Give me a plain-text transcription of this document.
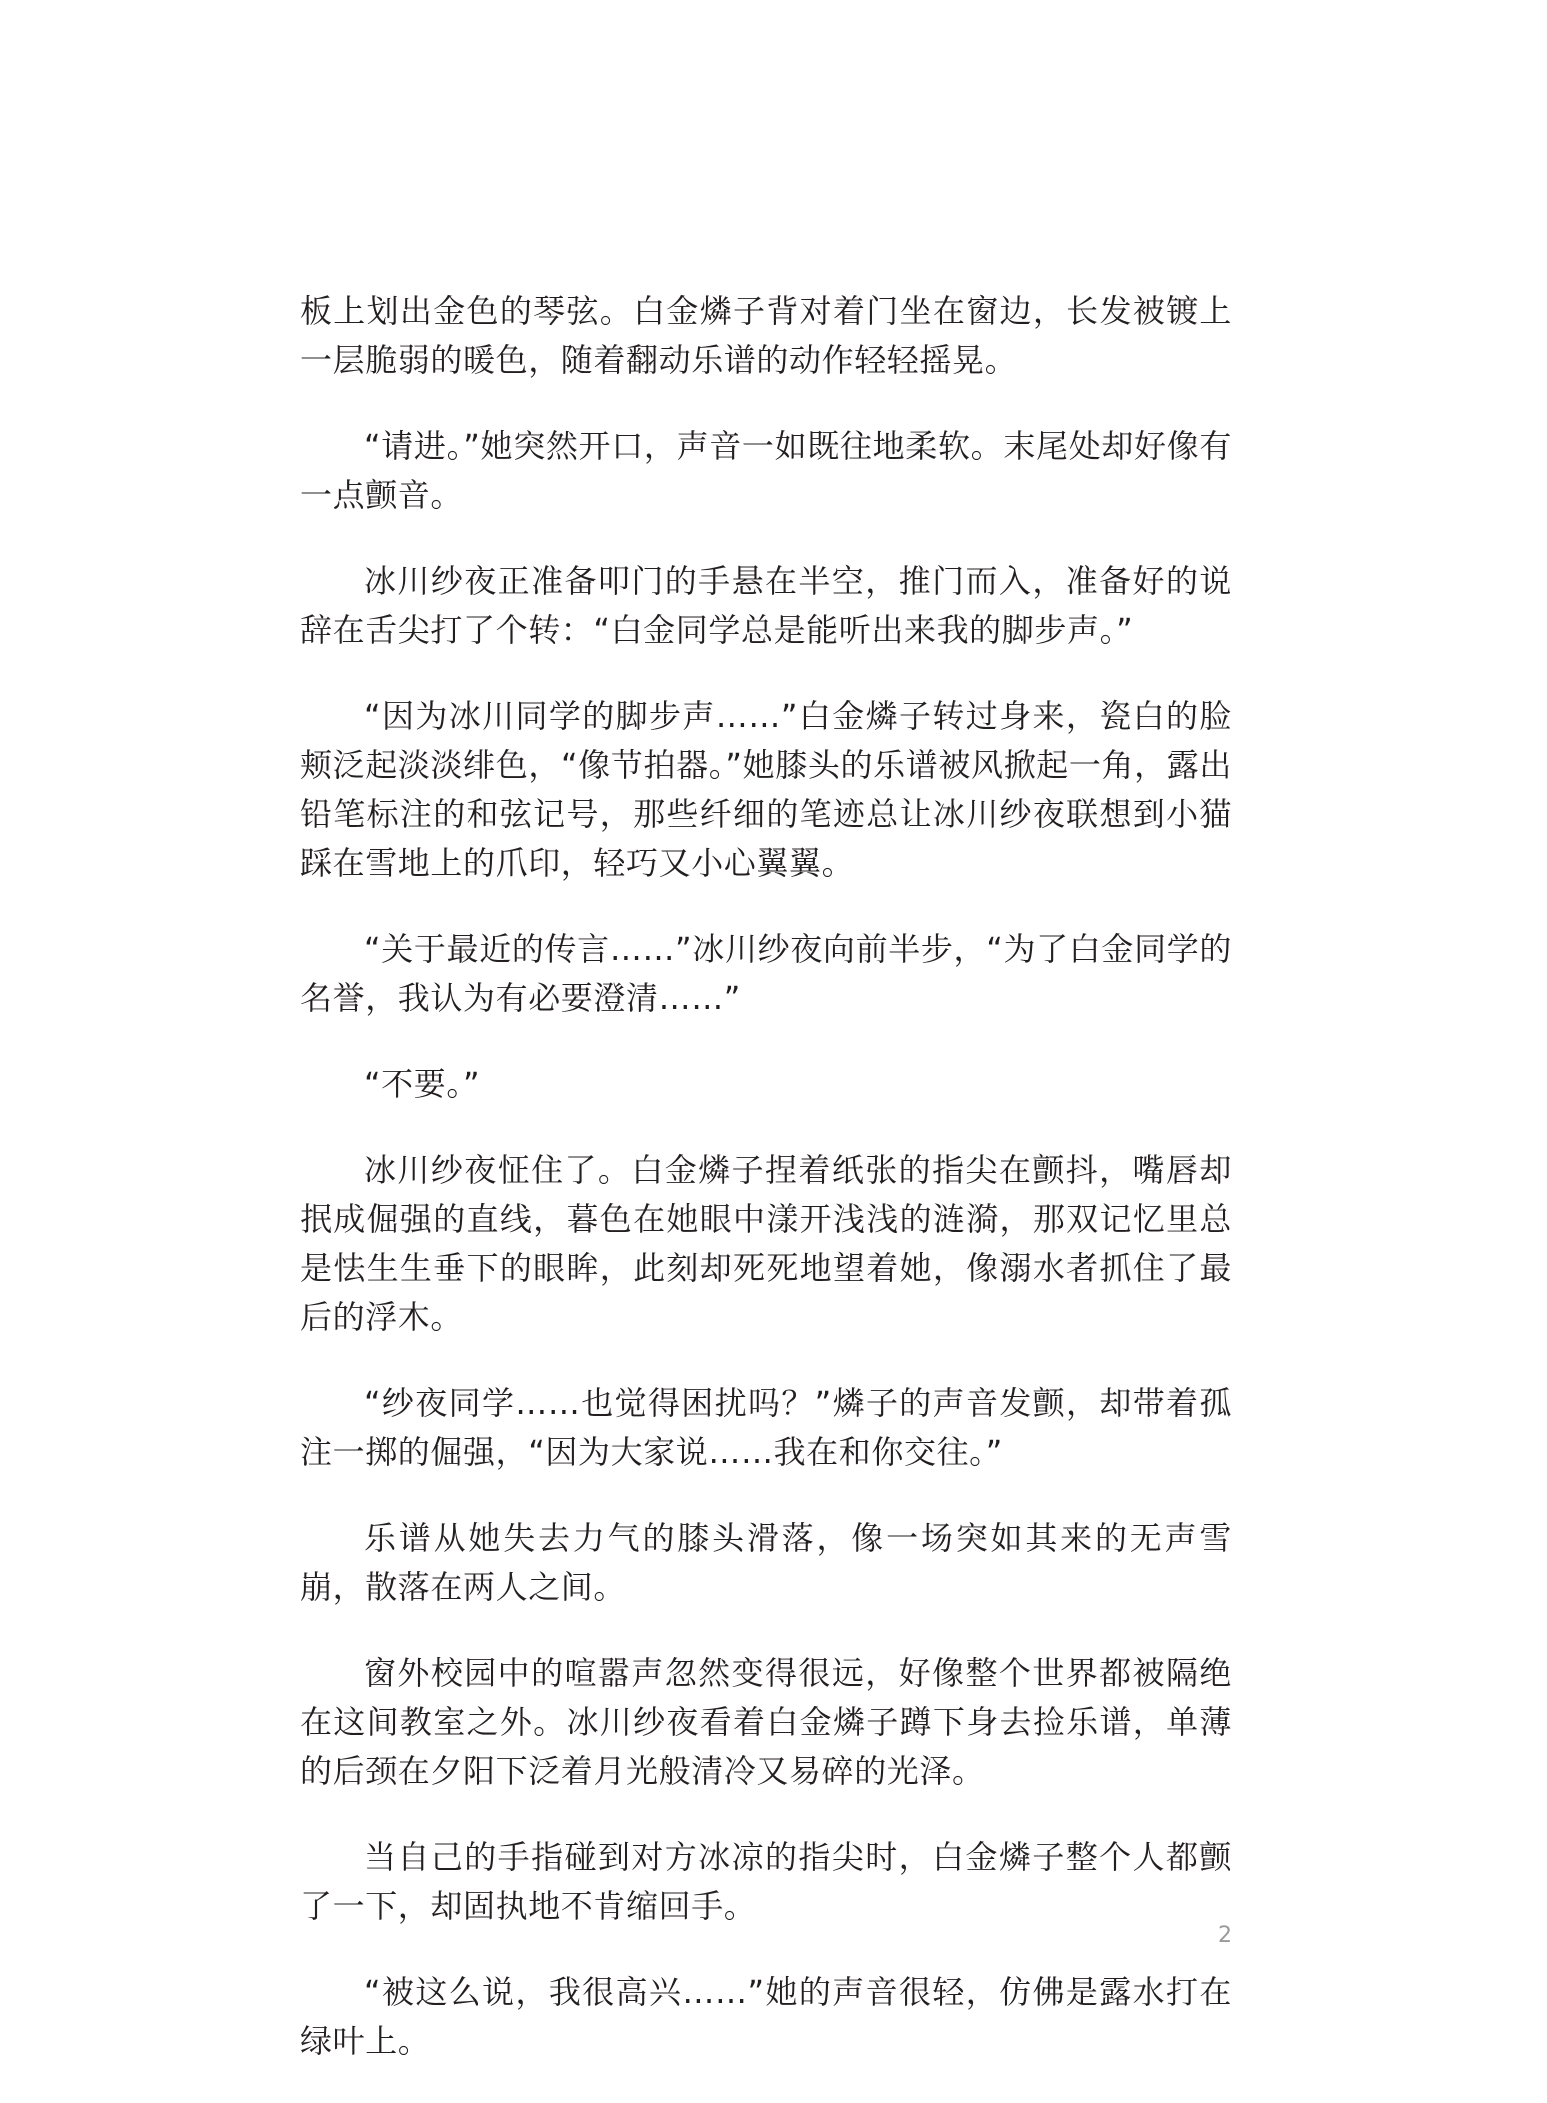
板上划出金色的琴弦。白金燐子背对着门坐在窗边，长发被镀上一层脆弱的暖色，随着翻动乐谱的动作轻轻摇晃。

“请进。”她突然开口，声音一如既往地柔软。末尾处却好像有一点颤音。

冰川纱夜正准备叩门的手悬在半空，推门而入，准备好的说辞在舌尖打了个转：“白金同学总是能听出来我的脚步声。”

“因为冰川同学的脚步声……”白金燐子转过身来，瓷白的脸颊泛起淡淡绯色，“像节拍器。”她膝头的乐谱被风掀起一角，露出铅笔标注的和弦记号，那些纤细的笔迹总让冰川纱夜联想到小猫踩在雪地上的爪印，轻巧又小心翼翼。

“关于最近的传言……”冰川纱夜向前半步，“为了白金同学的名誉，我认为有必要澄清……”

“不要。”

冰川纱夜怔住了。白金燐子捏着纸张的指尖在颤抖，嘴唇却抿成倔强的直线，暮色在她眼中漾开浅浅的涟漪，那双记忆里总是怯生生垂下的眼眸，此刻却死死地望着她，像溺水者抓住了最后的浮木。

“纱夜同学……也觉得困扰吗？”燐子的声音发颤，却带着孤注一掷的倔强，“因为大家说……我在和你交往。”

乐谱从她失去力气的膝头滑落，像一场突如其来的无声雪崩，散落在两人之间。

窗外校园中的喧嚣声忽然变得很远，好像整个世界都被隔绝在这间教室之外。冰川纱夜看着白金燐子蹲下身去捡乐谱，单薄的后颈在夕阳下泛着月光般清冷又易碎的光泽。

当自己的手指碰到对方冰凉的指尖时，白金燐子整个人都颤了一下，却固执地不肯缩回手。

“被这么说，我很高兴……”她的声音很轻，仿佛是露水打在绿叶上。

2
